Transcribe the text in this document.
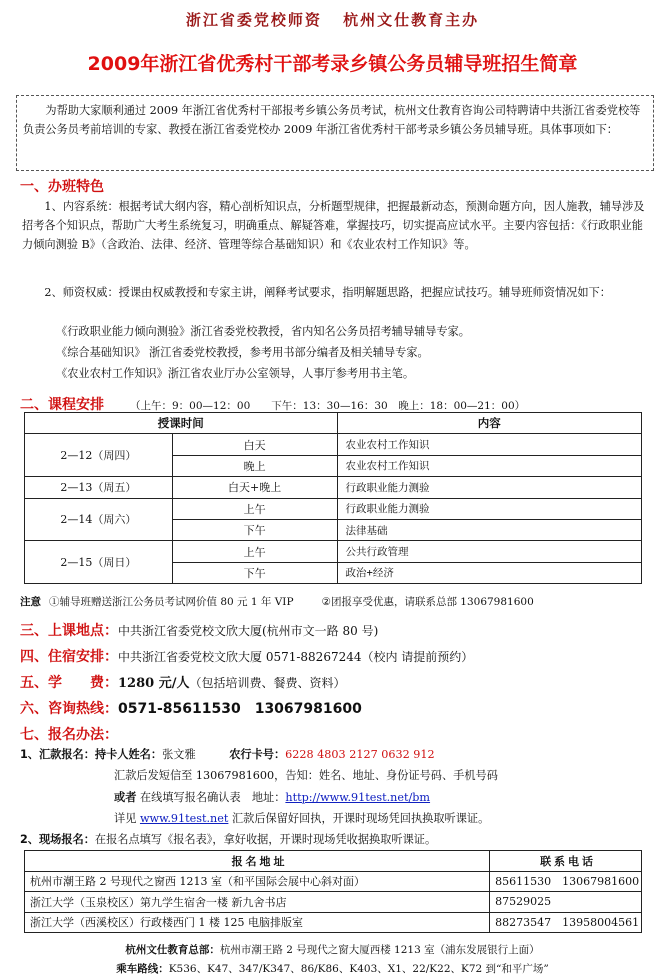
浙江省委党校师资 杭州文仕教育主办
2009年浙江省优秀村干部考录乡镇公务员辅导班招生简章
为帮助大家顺利通过 2009 年浙江省优秀村干部报考乡镇公务员考试，杭州文仕教育咨询公司特聘请中共浙江省委党校等负责公务员考前培训的专家、教授在浙江省委党校办 2009 年浙江省优秀村干部考录乡镇公务员辅导班。具体事项如下：
一、办班特色
1、内容系统：根据考试大纲内容，精心剖析知识点，分析题型规律，把握最新动态，预测命题方向，因人施教，辅导涉及招考各个知识点，帮助广大考生系统复习，明确重点、解疑答难，掌握技巧，切实提高应试水平。主要内容包括：《行政职业能力倾向测验 B》（含政治、法律、经济、管理等综合基础知识）和《农业农村工作知识》等。
2、师资权威：授课由权威教授和专家主讲，阐释考试要求，指明解题思路，把握应试技巧。辅导班师资情况如下：
《行政职业能力倾向测验》浙江省委党校教授，省内知名公务员招考辅导辅导专家。
《综合基础知识》 浙江省委党校教授，参考用书部分编者及相关辅导专家。
《农业农村工作知识》浙江省农业厅办公室领导，人事厅参考用书主笔。
二、课程安排 （上午：9：00—12：00　　下午：13：30—16：30　晚上：18：00—21：00）
授课时间		内容
2—12（周四）	白天	农业农村工作知识
	晚上	农业农村工作知识
2—13（周五）	白天+晚上	行政职业能力测验
2—14（周六）	上午	行政职业能力测验
	下午	法律基础
2—15（周日）	上午	公共行政管理
	下午	政治+经济
注意 ①辅导班赠送浙江公务员考试网价值 80 元 1 年 VIP	②团报享受优惠，请联系总部 13067981600
三、上课地点：中共浙江省委党校文欣大厦(杭州市文一路 80 号)
四、住宿安排：中共浙江省委党校文欣大厦 0571-88267244（校内 请提前预约）
五、学　　费：1280 元/人（包括培训费、餐费、资料）
六、咨询热线：0571-85611530　13067981600
七、报名办法：
1、汇款报名：持卡人姓名：张文雅	农行卡号：6228 4803 2127 0632 912
汇款后发短信至 13067981600，告知：姓名、地址、身份证号码、手机号码
或者 在线填写报名确认表　地址：http://www.91test.net/bm
详见 www.91test.net 汇款后保留好回执，开课时现场凭回执换取听课证。
2、现场报名：在报名点填写《报名表》，拿好收据，开课时现场凭收据换取听课证。
报名地址	联系电话
杭州市潮王路 2 号现代之窗西 1213 室（和平国际会展中心斜对面）	85611530　13067981600
浙江大学（玉泉校区）第九学生宿舍一楼 新九舍书店	87529025
浙江大学（西溪校区）行政楼西门 1 楼 125 电脑排版室	88273547　13958004561
杭州文仕教育总部：杭州市潮王路 2 号现代之窗大厦西楼 1213 室（浦东发展银行上面）
乘车路线：K536、K47、347/K347、86/K86、K403、X1、22/K22、K72 到“和平广场”
